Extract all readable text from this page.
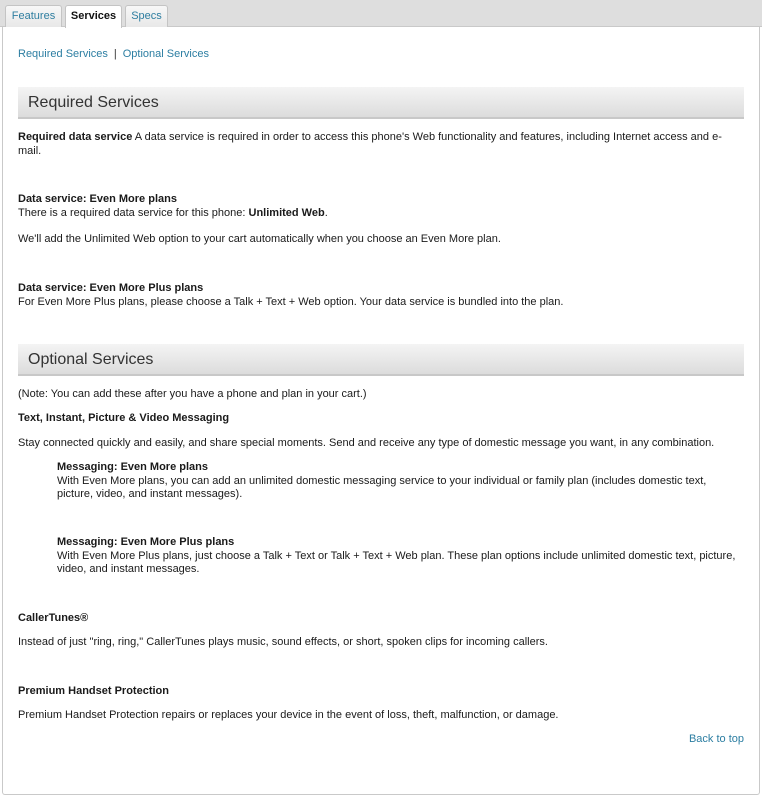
Features	Services	Specs
Required Services | Optional Services
Required Services
Required data service A data service is required in order to access this phone's Web functionality and features, including Internet access and e-mail.
Data service: Even More plans
There is a required data service for this phone: Unlimited Web.
We'll add the Unlimited Web option to your cart automatically when you choose an Even More plan.
Data service: Even More Plus plans
For Even More Plus plans, please choose a Talk + Text + Web option. Your data service is bundled into the plan.
Optional Services
(Note: You can add these after you have a phone and plan in your cart.)
Text, Instant, Picture & Video Messaging
Stay connected quickly and easily, and share special moments. Send and receive any type of domestic message you want, in any combination.
Messaging: Even More plans
With Even More plans, you can add an unlimited domestic messaging service to your individual or family plan (includes domestic text, picture, video, and instant messages).
Messaging: Even More Plus plans
With Even More Plus plans, just choose a Talk + Text or Talk + Text + Web plan. These plan options include unlimited domestic text, picture, video, and instant messages.
CallerTunes®
Instead of just "ring, ring," CallerTunes plays music, sound effects, or short, spoken clips for incoming callers.
Premium Handset Protection
Premium Handset Protection repairs or replaces your device in the event of loss, theft, malfunction, or damage.
Back to top
